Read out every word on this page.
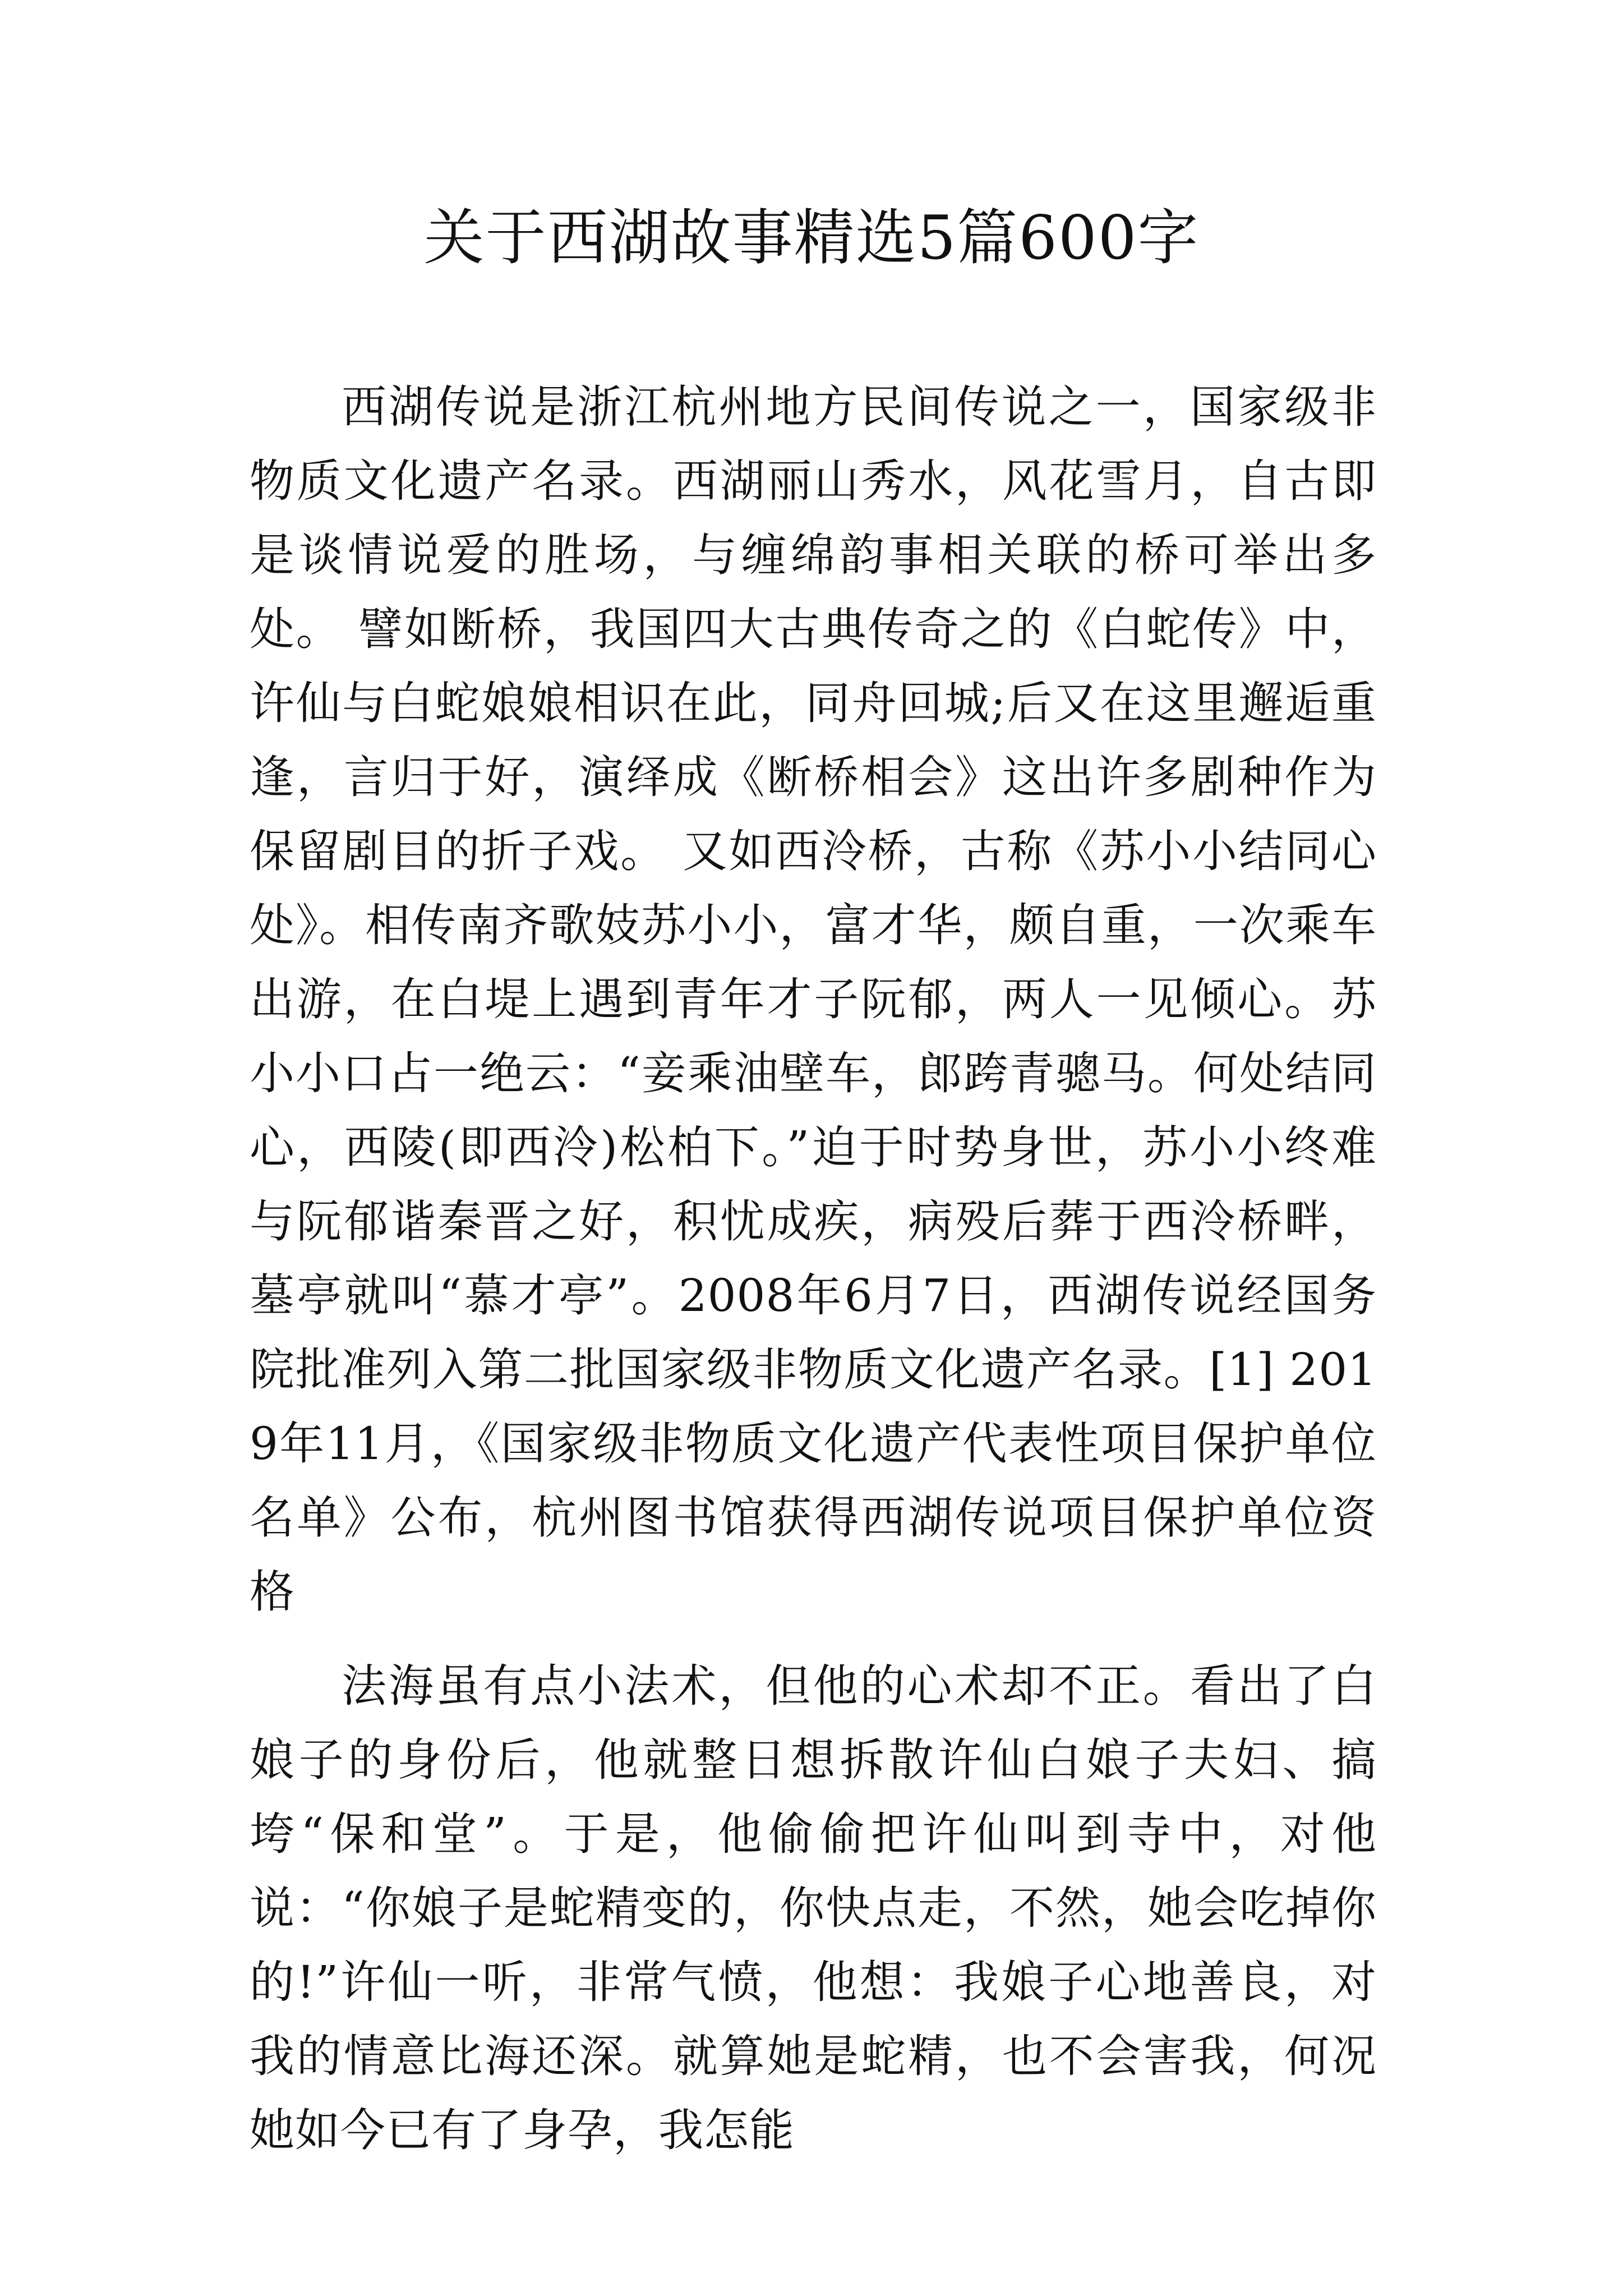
关于西湖故事精选5篇600字

西湖传说是浙江杭州地方民间传说之一，国家级非物质文化遗产名录。西湖丽山秀水，风花雪月，自古即是谈情说爱的胜场，与缠绵韵事相关联的桥可举出多处。 譬如断桥，我国四大古典传奇之的《白蛇传》中，许仙与白蛇娘娘相识在此，同舟回城;后又在这里邂逅重逢，言归于好，演绎成《断桥相会》这出许多剧种作为保留剧目的折子戏。 又如西泠桥，古称《苏小小结同心处》。相传南齐歌妓苏小小，富才华，颇自重，一次乘车出游，在白堤上遇到青年才子阮郁，两人一见倾心。苏小小口占一绝云：“妾乘油壁车，郎跨青骢马。何处结同心，西陵(即西泠)松柏下。”迫于时势身世，苏小小终难与阮郁谐秦晋之好，积忧成疾，病殁后葬于西泠桥畔，墓亭就叫“慕才亭”。2008年6月7日，西湖传说经国务院批准列入第二批国家级非物质文化遗产名录。[1] 2019年11月，《国家级非物质文化遗产代表性项目保护单位名单》公布，杭州图书馆获得西湖传说项目保护单位资格

法海虽有点小法术，但他的心术却不正。看出了白娘子的身份后，他就整日想拆散许仙白娘子夫妇、搞垮“保和堂”。于是，他偷偷把许仙叫到寺中，对他说：“你娘子是蛇精变的，你快点走，不然，她会吃掉你的!”许仙一听，非常气愤，他想：我娘子心地善良，对我的情意比海还深。就算她是蛇精，也不会害我，何况她如今已有了身孕，我怎能
